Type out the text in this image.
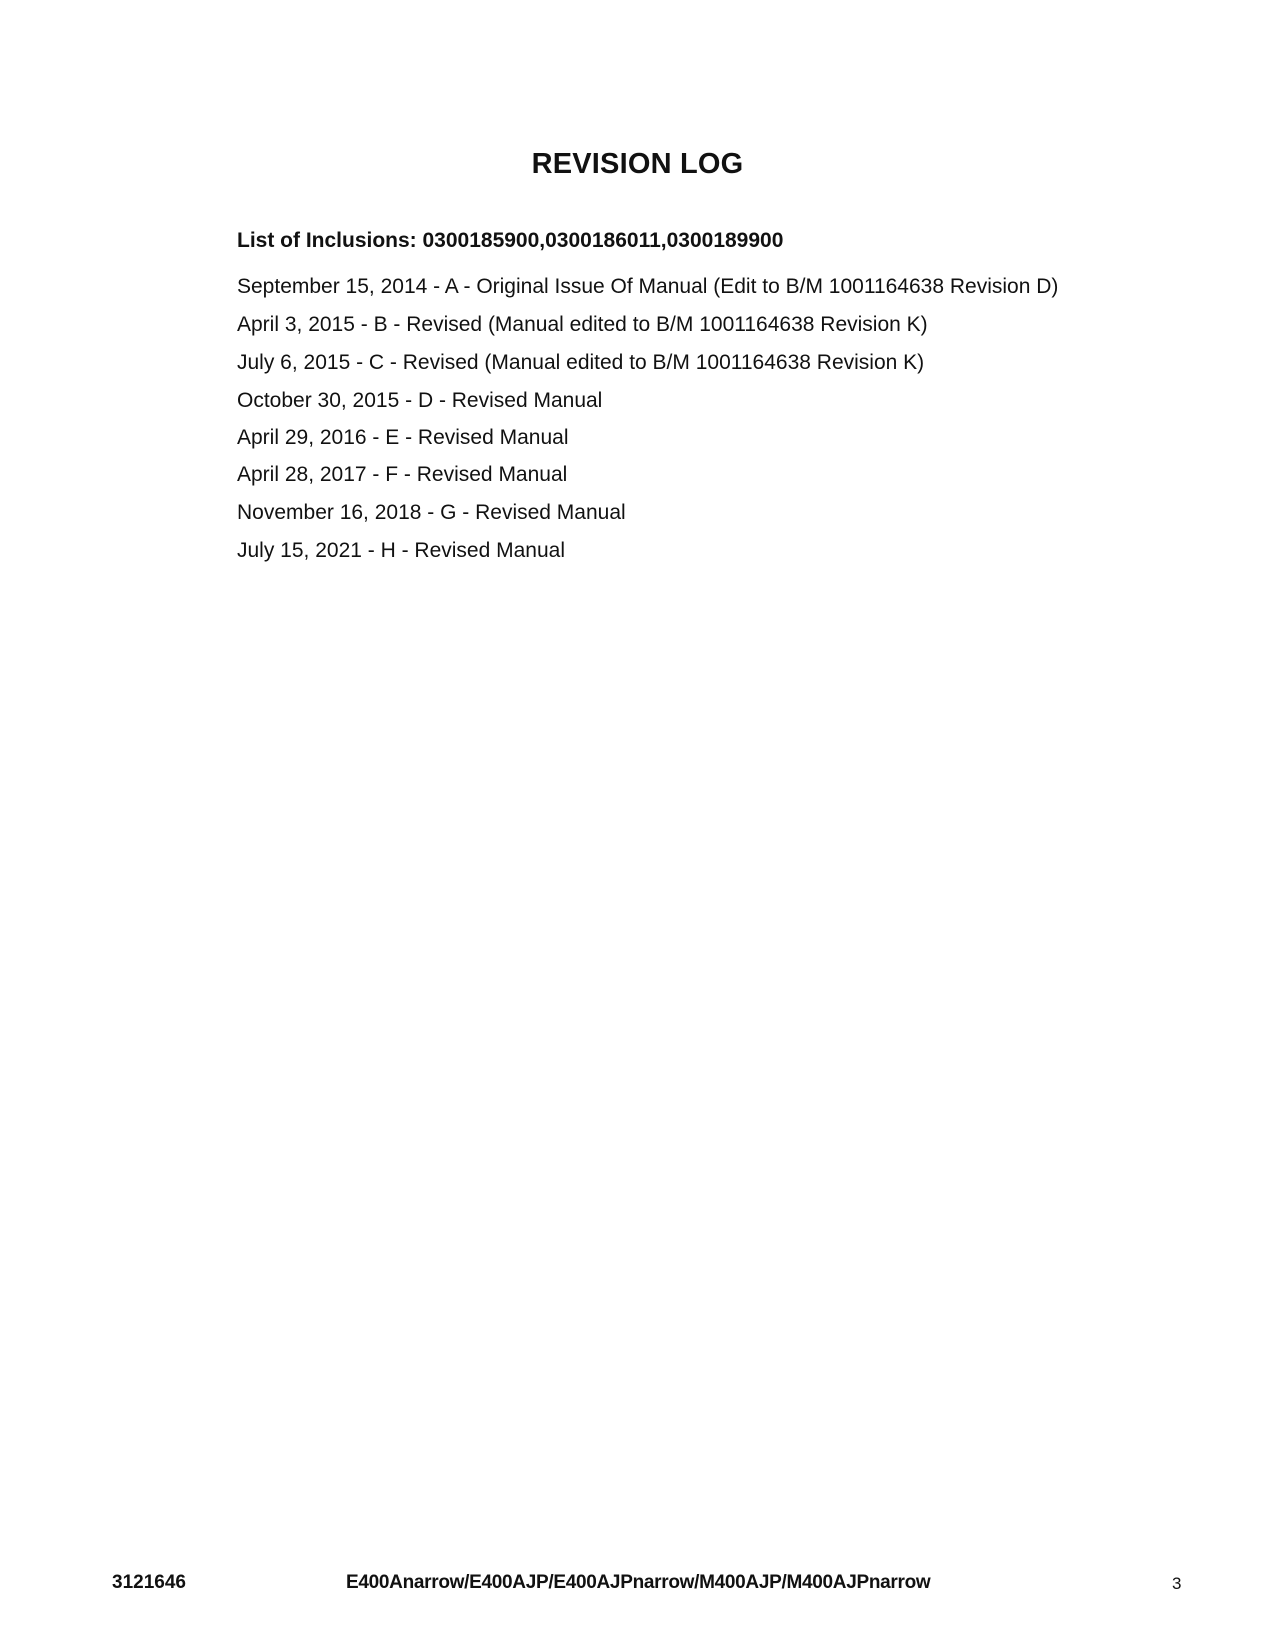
REVISION LOG
List of Inclusions: 0300185900,0300186011,0300189900
September 15, 2014 - A - Original Issue Of Manual (Edit to B/M 1001164638 Revision D)
April 3, 2015 - B - Revised (Manual edited to B/M 1001164638 Revision K)
July 6, 2015 - C - Revised (Manual edited to B/M 1001164638 Revision K)
October 30, 2015 - D - Revised Manual
April 29, 2016 - E - Revised Manual
April 28, 2017 - F - Revised Manual
November 16, 2018 - G - Revised Manual
July 15, 2021 - H - Revised Manual
3121646	E400Anarrow/E400AJP/E400AJPnarrow/M400AJP/M400AJPnarrow	3
